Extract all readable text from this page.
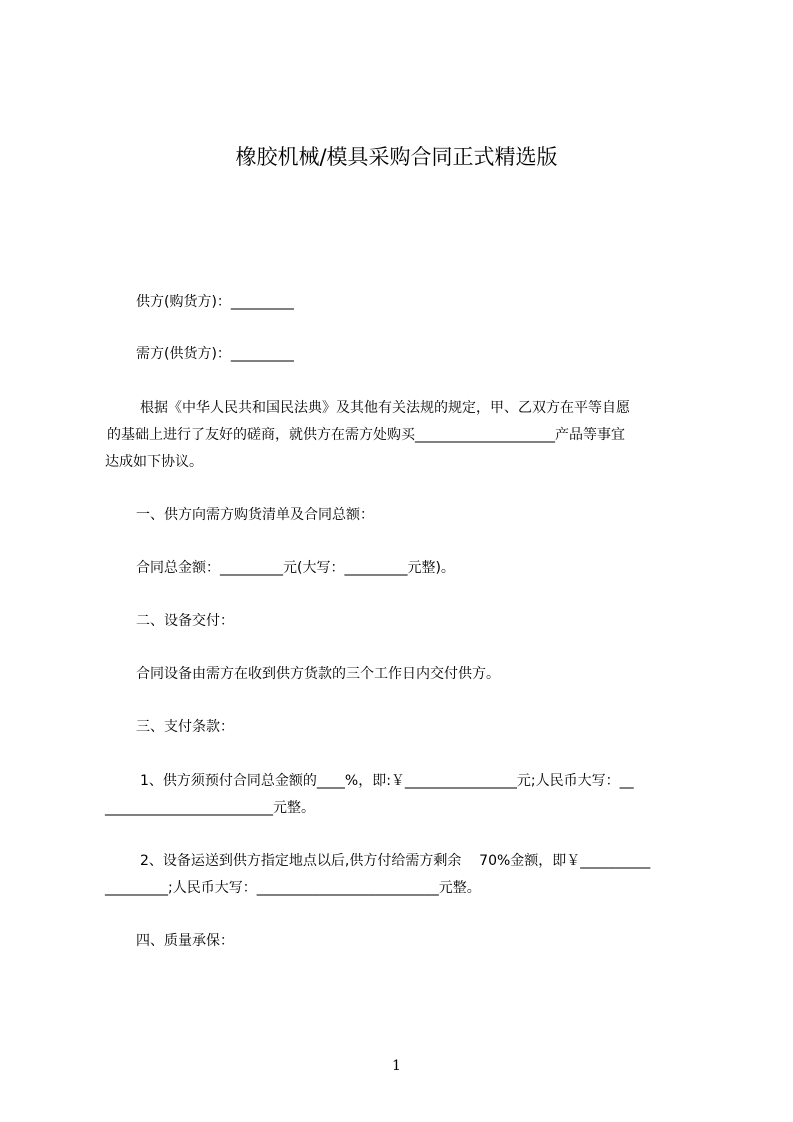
橡胶机械/模具采购合同正式精选版
供方(购货方)：_________
需方(供货方)：_________
根据《中华人民共和国民法典》及其他有关法规的规定，甲、乙双方在平等自愿
的基础上进行了友好的磋商，就供方在需方处购买____________________产品等事宜
达成如下协议。
一、供方向需方购货清单及合同总额：
合同总金额：_________元(大写：_________元整)。
二、设备交付：
合同设备由需方在收到供方货款的三个工作日内交付供方。
三、支付条款：
1、供方须预付合同总金额的____%，即:￥________________元;人民币大写：__
________________________元整。
2、设备运送到供方指定地点以后,供方付给需方剩余    70%金额，即￥__________
_________;人民币大写：__________________________元整。
四、质量承保：
1
